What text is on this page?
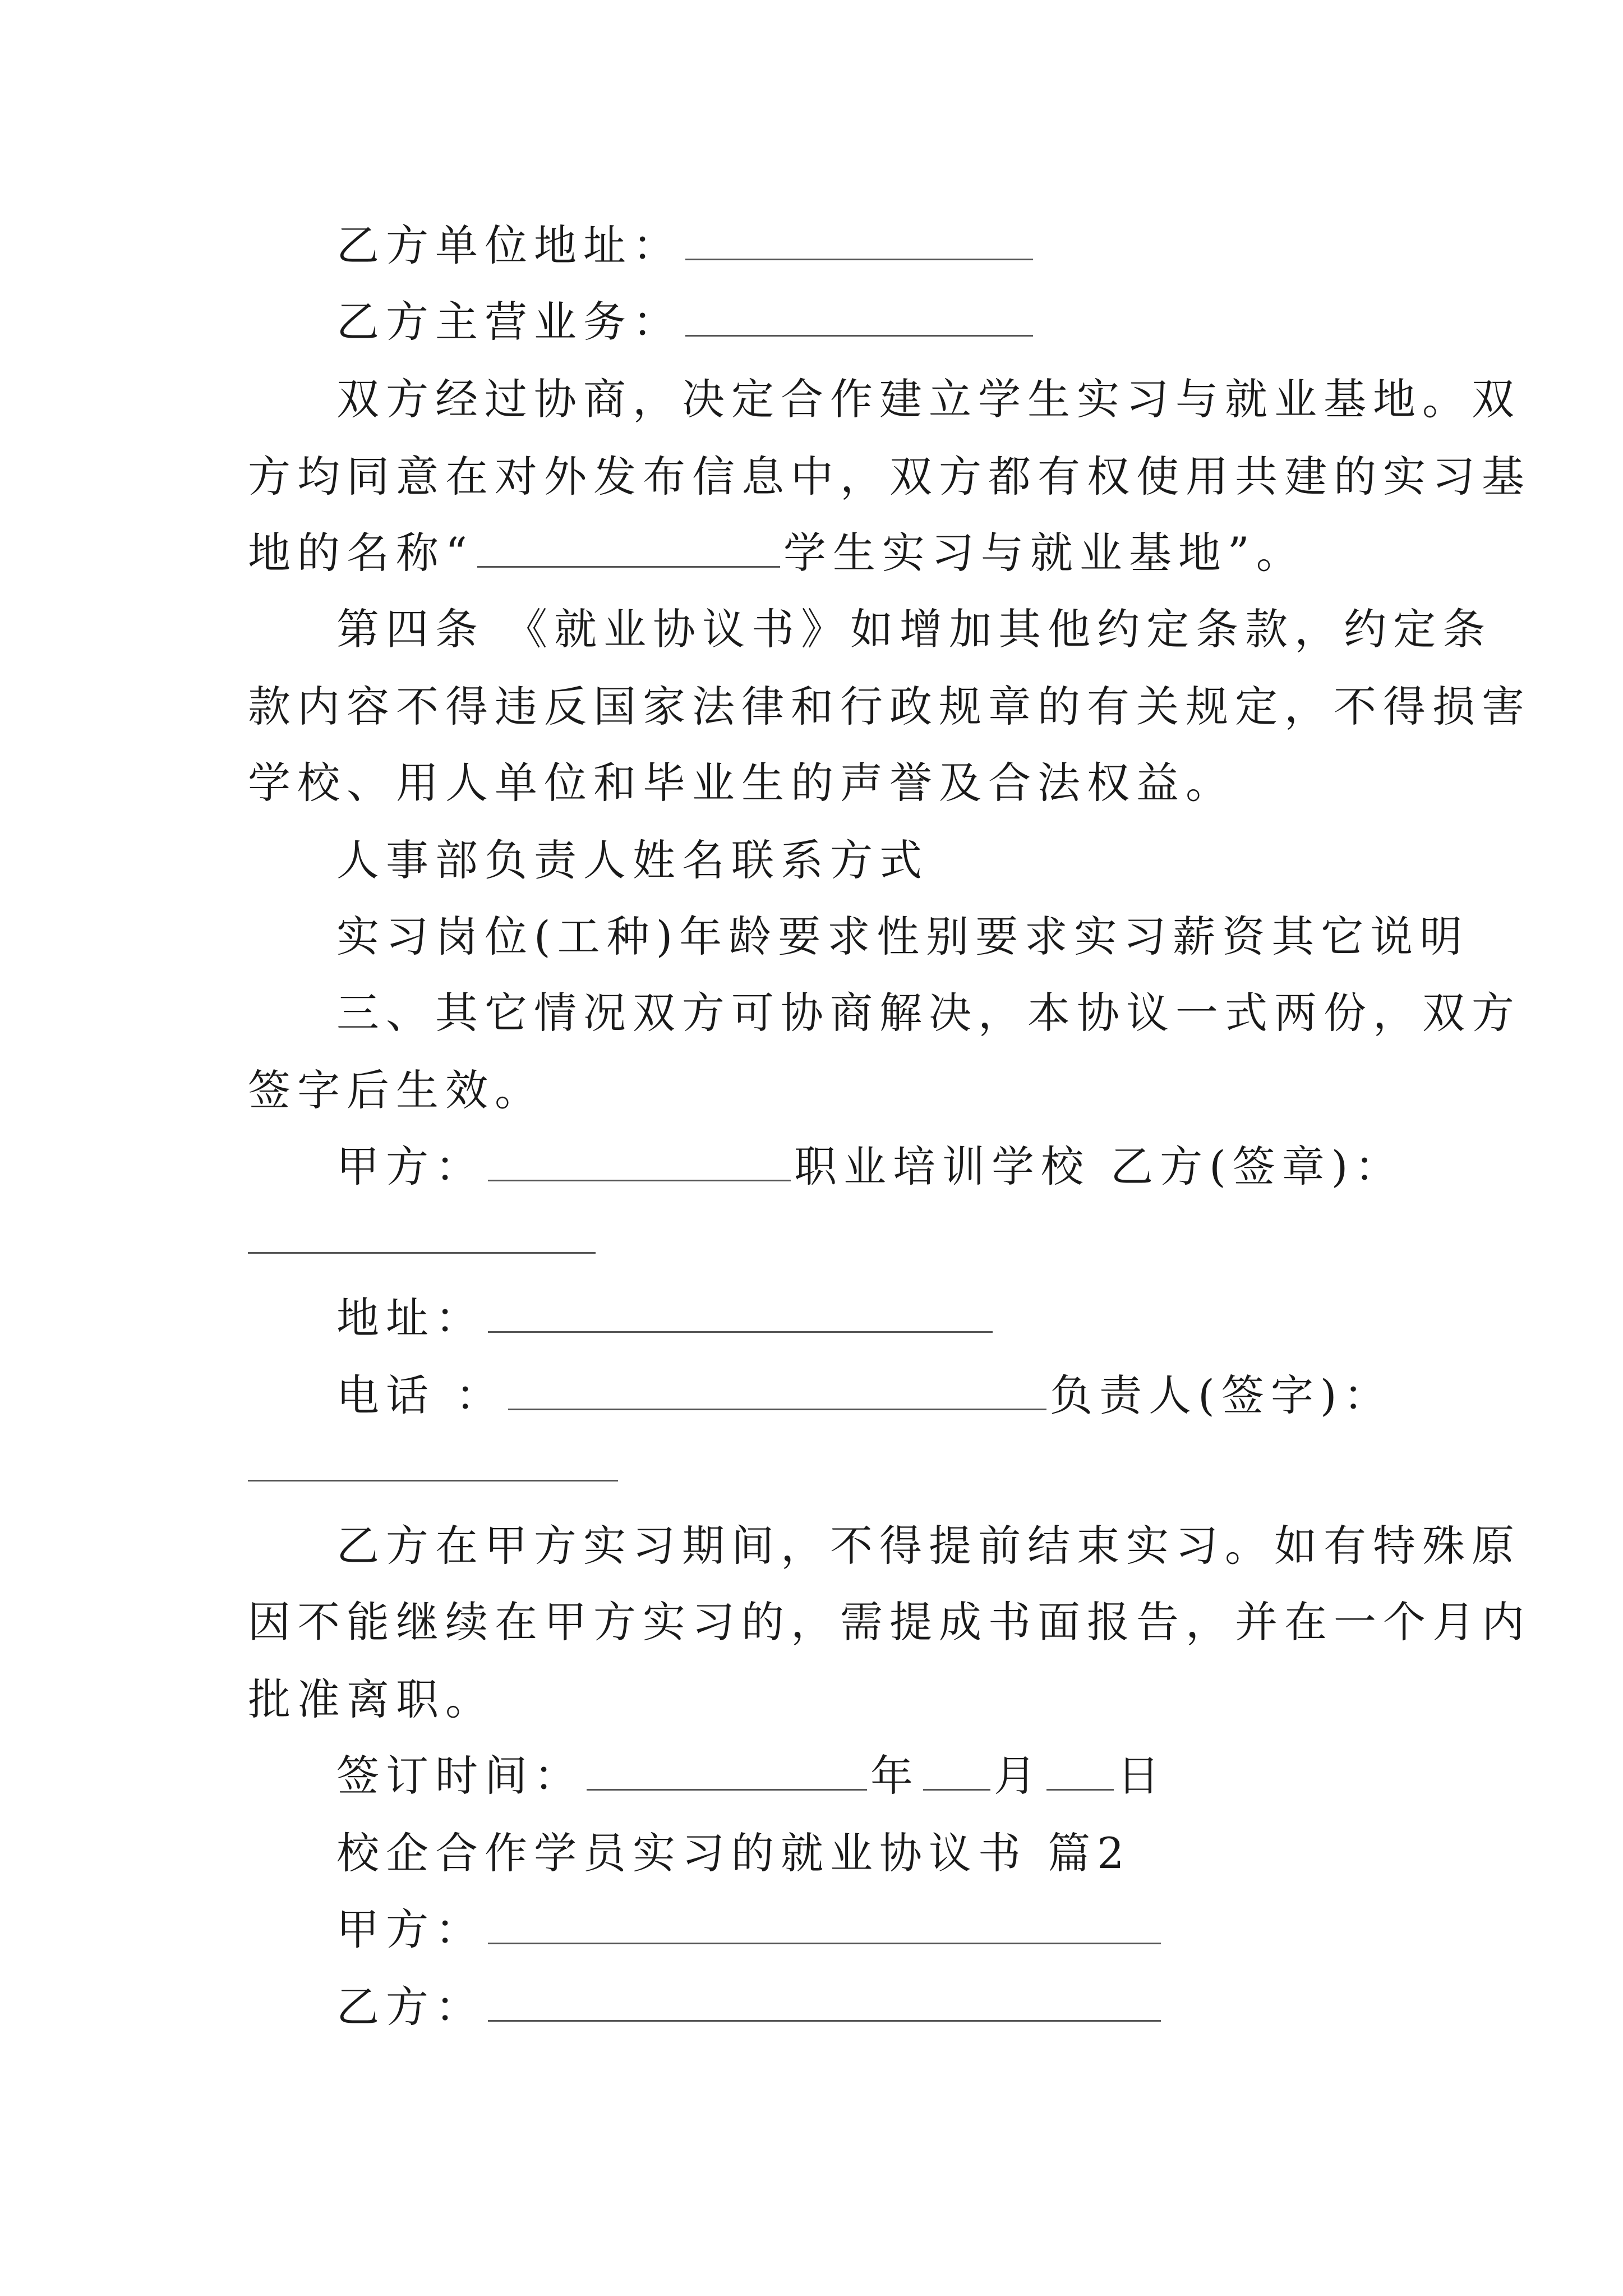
乙方单位地址：
乙方主营业务：
双方经过协商，决定合作建立学生实习与就业基地。双
方均同意在对外发布信息中，双方都有权使用共建的实习基
地的名称“	学生实习与就业基地”。
第四条 《就业协议书》如增加其他约定条款，约定条
款内容不得违反国家法律和行政规章的有关规定，不得损害
学校、用人单位和毕业生的声誉及合法权益。
人事部负责人姓名联系方式
实习岗位(工种)年龄要求性别要求实习薪资其它说明
三、其它情况双方可协商解决，本协议一式两份，双方
签字后生效。
甲方：	职业培训学校 乙方(签章)：
地址：
电话 ：	负责人(签字)：
乙方在甲方实习期间，不得提前结束实习。如有特殊原
因不能继续在甲方实习的，需提成书面报告，并在一个月内
批准离职。
签订时间：	年 月 日
校企合作学员实习的就业协议书 篇2
甲方：
乙方：
